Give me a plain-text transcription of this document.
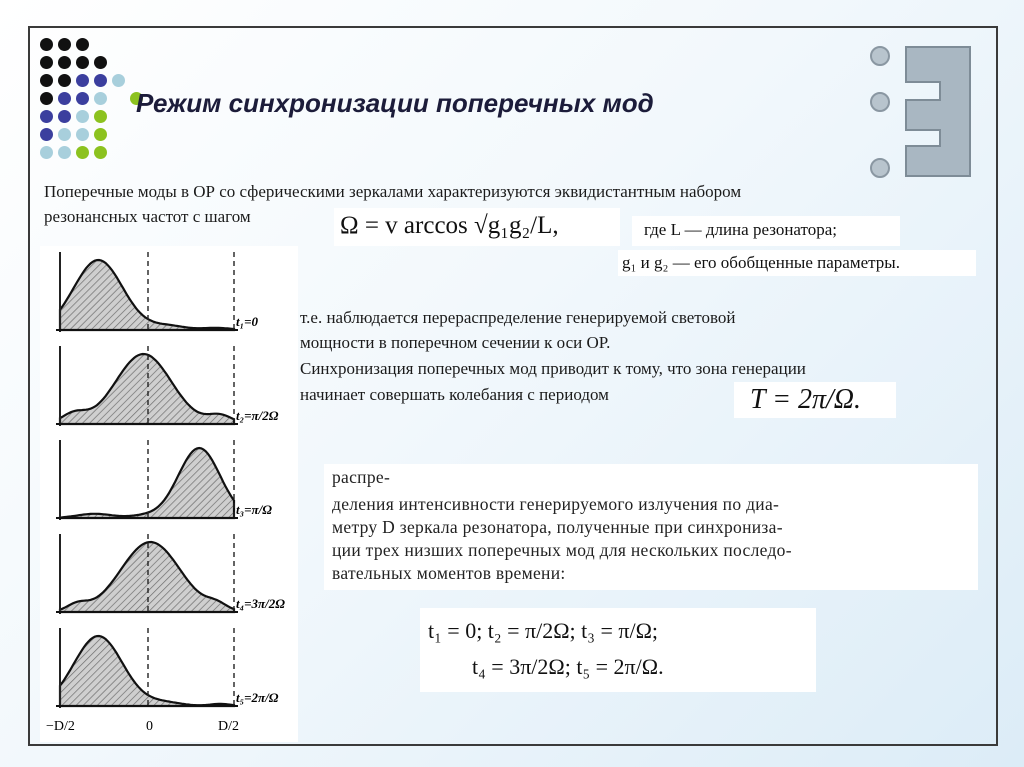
Режим синхронизации поперечных мод
Поперечные моды в ОР со сферическими зеркалами характеризуются эквидистантным набором
резонансных частот с шагом	Ω = v arccos √g₁g₂/L,	где L — длина резонатора;
g₁ и g₂ — его обобщенные параметры.
т.е. наблюдается перераспределение генерируемой световой
мощности в поперечном сечении к оси ОР.
Синхронизация поперечных мод приводит к тому, что зона генерации
начинает совершать колебания с периодом	T = 2π/Ω.
распре-
деления интенсивности генерируемого излучения по диа-
метру D зеркала резонатора, полученные при синхрониза-
ции трех низших поперечных мод для нескольких последо-
вательных моментов времени:
t₁ = 0; t₂ = π/2Ω; t₃ = π/Ω;
t₄ = 3π/2Ω; t₅ = 2π/Ω.
t₁=0
t₂=π/2Ω
t₃=π/Ω
t₄=3π/2Ω
t₅=2π/Ω
−D/2	0	D/2
